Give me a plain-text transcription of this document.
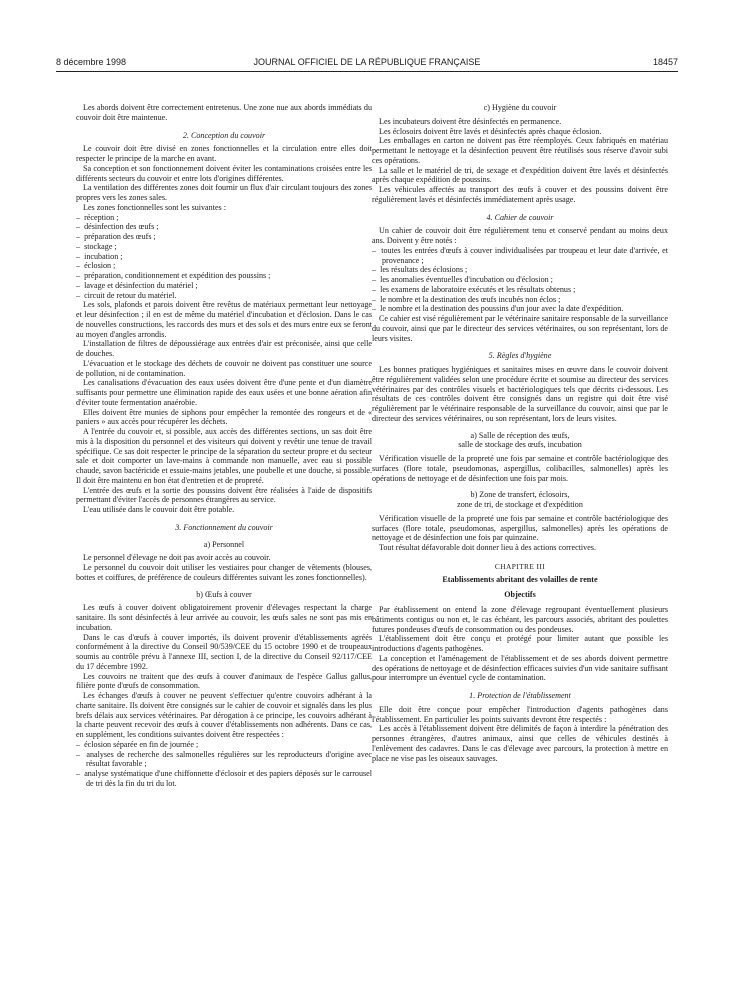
8 décembre 1998	JOURNAL OFFICIEL DE LA RÉPUBLIQUE FRANÇAISE	18457

Les abords doivent être correctement entretenus. Une zone nue aux abords immédiats du couvoir doit être maintenue.

2. Conception du couvoir

Le couvoir doit être divisé en zones fonctionnelles et la circulation entre elles doit respecter le principe de la marche en avant.

Sa conception et son fonctionnement doivent éviter les contaminations croisées entre les différents secteurs du couvoir et entre lots d'origines différentes.

La ventilation des différentes zones doit fournir un flux d'air circulant toujours des zones propres vers les zones sales.

Les zones fonctionnelles sont les suivantes :

–  réception ;
–  désinfection des œufs ;
–  préparation des œufs ;
–  stockage ;
–  incubation ;
–  éclosion ;
–  préparation, conditionnement et expédition des poussins ;
–  lavage et désinfection du matériel ;
–  circuit de retour du matériel.

Les sols, plafonds et parois doivent être revêtus de matériaux permettant leur nettoyage et leur désinfection ; il en est de même du matériel d'incubation et d'éclosion. Dans le cas de nouvelles constructions, les raccords des murs et des sols et des murs entre eux se feront au moyen d'angles arrondis.

L'installation de filtres de dépoussiérage aux entrées d'air est préconisée, ainsi que celle de douches.

L'évacuation et le stockage des déchets de couvoir ne doivent pas constituer une source de pollution, ni de contamination.

Les canalisations d'évacuation des eaux usées doivent être d'une pente et d'un diamètre suffisants pour permettre une élimination rapide des eaux usées et une bonne aération afin d'éviter toute fermentation anaérobie.

Elles doivent être munies de siphons pour empêcher la remontée des rongeurs et de « paniers » aux accès pour récupérer les déchets.

A l'entrée du couvoir et, si possible, aux accès des différentes sections, un sas doit être mis à la disposition du personnel et des visiteurs qui doivent y revêtir une tenue de travail spécifique. Ce sas doit respecter le principe de la séparation du secteur propre et du secteur sale et doit comporter un lave-mains à commande non manuelle, avec eau si possible chaude, savon bactéricide et essuie-mains jetables, une poubelle et une douche, si possible. Il doit être maintenu en bon état d'entretien et de propreté.

L'entrée des œufs et la sortie des poussins doivent être réalisées à l'aide de dispositifs permettant d'éviter l'accès de personnes étrangères au service.

L'eau utilisée dans le couvoir doit être potable.

3. Fonctionnement du couvoir

a) Personnel

Le personnel d'élevage ne doit pas avoir accès au couvoir.

Le personnel du couvoir doit utiliser les vestiaires pour changer de vêtements (blouses, bottes et coiffures, de préférence de couleurs différentes suivant les zones fonctionnelles).

b) Œufs à couver

Les œufs à couver doivent obligatoirement provenir d'élevages respectant la charge sanitaire. Ils sont désinfectés à leur arrivée au couvoir, les œufs sales ne sont pas mis en incubation.

Dans le cas d'œufs à couver importés, ils doivent provenir d'établissements agréés conformément à la directive du Conseil 90/539/CEE du 15 octobre 1990 et de troupeaux soumis au contrôle prévu à l'annexe III, section I, de la directive du Conseil 92/117/CEE du 17 décembre 1992.

Les couvoirs ne traitent que des œufs à couver d'animaux de l'espèce Gallus gallus, filière ponte d'œufs de consommation.

Les échanges d'œufs à couver ne peuvent s'effectuer qu'entre couvoirs adhérant à la charte sanitaire. Ils doivent être consignés sur le cahier de couvoir et signalés dans les plus brefs délais aux services vétérinaires. Par dérogation à ce principe, les couvoirs adhérant à la charte peuvent recevoir des œufs à couver d'établissements non adhérents. Dans ce cas, en supplément, les conditions suivantes doivent être respectées :

–  éclosion séparée en fin de journée ;
–  analyses de recherche des salmonelles régulières sur les reproducteurs d'origine avec résultat favorable ;
–  analyse systématique d'une chiffonnette d'éclosoir et des papiers déposés sur le carrousel de tri dès la fin du tri du lot.

c) Hygiène du couvoir

Les incubateurs doivent être désinfectés en permanence.

Les éclosoirs doivent être lavés et désinfectés après chaque éclosion.

Les emballages en carton ne doivent pas être réemployés. Ceux fabriqués en matériau permettant le nettoyage et la désinfection peuvent être réutilisés sous réserve d'avoir subi ces opérations.

La salle et le matériel de tri, de sexage et d'expédition doivent être lavés et désinfectés après chaque expédition de poussins.

Les véhicules affectés au transport des œufs à couver et des poussins doivent être régulièrement lavés et désinfectés immédiatement après usage.

4. Cahier de couvoir

Un cahier de couvoir doit être régulièrement tenu et conservé pendant au moins deux ans. Doivent y être notés :

–  toutes les entrées d'œufs à couver individualisées par troupeau et leur date d'arrivée, et provenance ;
–  les résultats des éclosions ;
–  les anomalies éventuelles d'incubation ou d'éclosion ;
–  les examens de laboratoire exécutés et les résultats obtenus ;
–  le nombre et la destination des œufs incubés non éclos ;
–  le nombre et la destination des poussins d'un jour avec la date d'expédition.

Ce cahier est visé régulièrement par le vétérinaire sanitaire responsable de la surveillance du couvoir, ainsi que par le directeur des services vétérinaires, ou son représentant, lors de leurs visites.

5. Règles d'hygiène

Les bonnes pratiques hygiéniques et sanitaires mises en œuvre dans le couvoir doivent être régulièrement validées selon une procédure écrite et soumise au directeur des services vétérinaires par des contrôles visuels et bactériologiques tels que décrits ci-dessous. Les résultats de ces contrôles doivent être consignés dans un registre qui doit être visé régulièrement par le vétérinaire responsable de la surveillance du couvoir, ainsi que par le directeur des services vétérinaires, ou son représentant, lors de leurs visites.

a) Salle de réception des œufs,

salle de stockage des œufs, incubation

Vérification visuelle de la propreté une fois par semaine et contrôle bactériologique des surfaces (flore totale, pseudomonas, aspergillus, colibacilles, salmonelles) après les opérations de nettoyage et de désinfection une fois par mois.

b) Zone de transfert, éclosoirs,

zone de tri, de stockage et d'expédition

Vérification visuelle de la propreté une fois par semaine et contrôle bactériologique des surfaces (flore totale, pseudomonas, aspergillus, salmonelles) après les opérations de nettoyage et de désinfection une fois par quinzaine.

Tout résultat défavorable doit donner lieu à des actions correctives.

CHAPITRE III

Etablissements abritant des volailles de rente

Objectifs

Par établissement on entend la zone d'élevage regroupant éventuellement plusieurs bâtiments contigus ou non et, le cas échéant, les parcours associés, abritant des poulettes futures pondeuses d'œufs de consommation ou des pondeuses.

L'établissement doit être conçu et protégé pour limiter autant que possible les introductions d'agents pathogènes.

La conception et l'aménagement de l'établissement et de ses abords doivent permettre des opérations de nettoyage et de désinfection efficaces suivies d'un vide sanitaire suffisant pour interrompre un éventuel cycle de contamination.

1. Protection de l'établissement

Elle doit être conçue pour empêcher l'introduction d'agents pathogènes dans l'établissement. En particulier les points suivants devront être respectés :

Les accès à l'établissement doivent être délimités de façon à interdire la pénétration des personnes étrangères, d'autres animaux, ainsi que celles de véhicules destinés à l'enlèvement des cadavres. Dans le cas d'élevage avec parcours, la protection à mettre en place ne vise pas les oiseaux sauvages.
